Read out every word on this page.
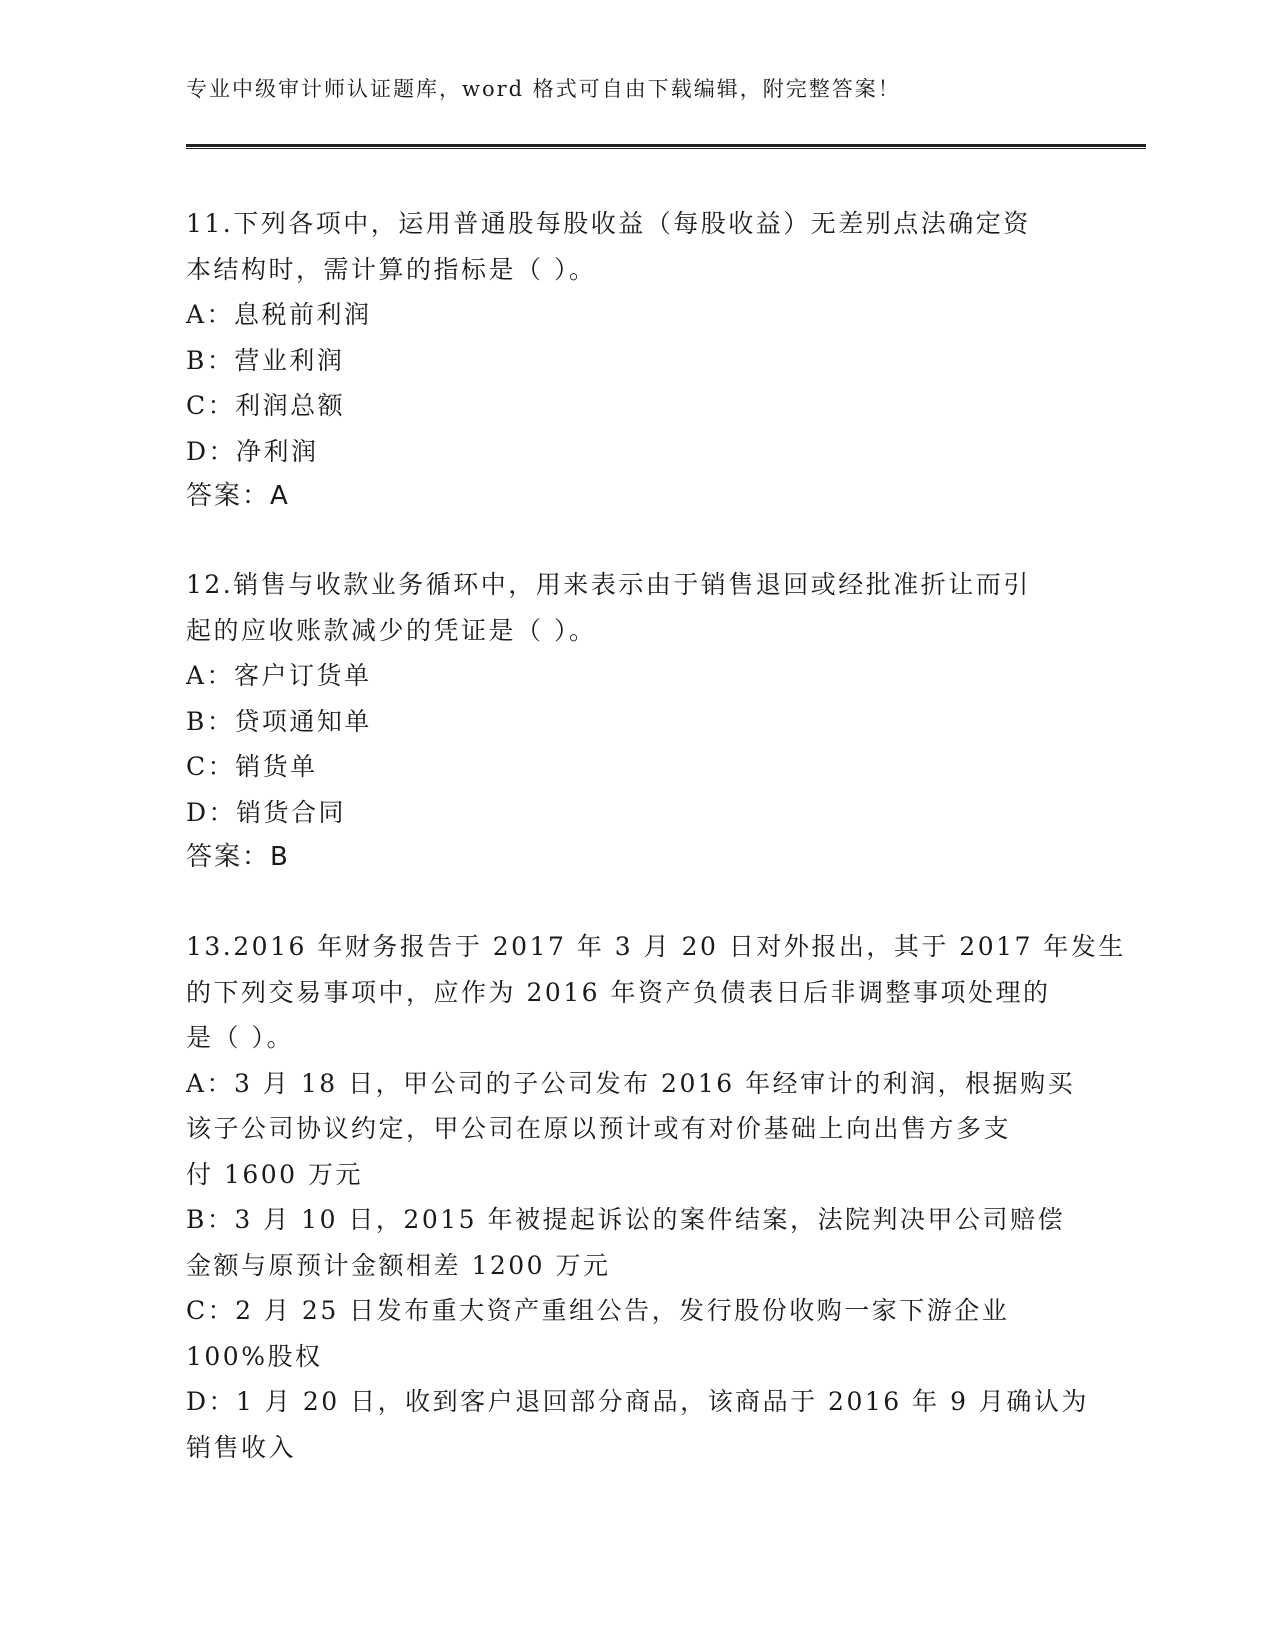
专业中级审计师认证题库，word 格式可自由下载编辑，附完整答案！
11.下列各项中，运用普通股每股收益（每股收益）无差别点法确定资
本结构时，需计算的指标是（ ）。
A：息税前利润
B：营业利润
C：利润总额
D：净利润
答案：A
12.销售与收款业务循环中，用来表示由于销售退回或经批准折让而引
起的应收账款减少的凭证是（ ）。
A：客户订货单
B：贷项通知单
C：销货单
D：销货合同
答案：B
13.2016 年财务报告于 2017 年 3 月 20 日对外报出，其于 2017 年发生
的下列交易事项中，应作为 2016 年资产负债表日后非调整事项处理的
是（ ）。
A：3 月 18 日，甲公司的子公司发布 2016 年经审计的利润，根据购买
该子公司协议约定，甲公司在原以预计或有对价基础上向出售方多支
付 1600 万元
B：3 月 10 日，2015 年被提起诉讼的案件结案，法院判决甲公司赔偿
金额与原预计金额相差 1200 万元
C：2 月 25 日发布重大资产重组公告，发行股份收购一家下游企业
100%股权
D：1 月 20 日，收到客户退回部分商品，该商品于 2016 年 9 月确认为
销售收入
